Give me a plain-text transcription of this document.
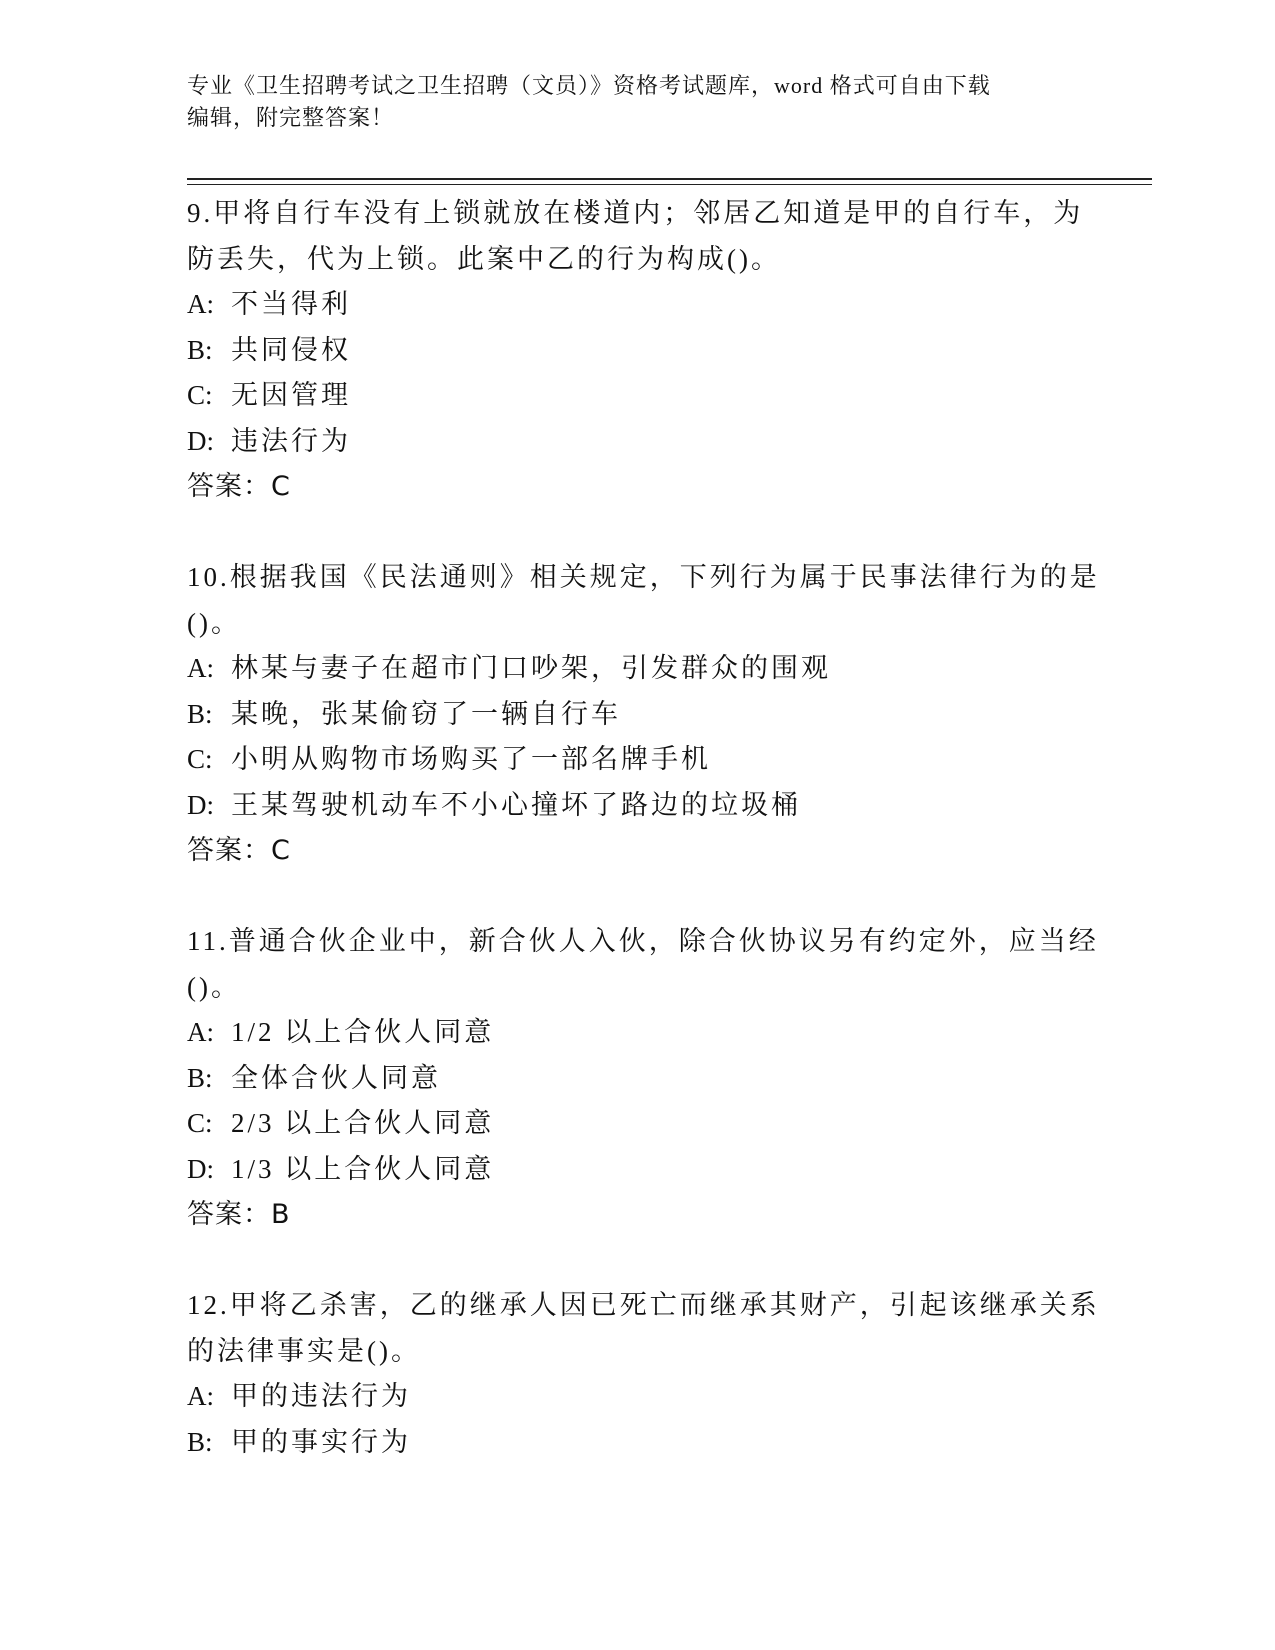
专业《卫生招聘考试之卫生招聘（文员）》资格考试题库，word 格式可自由下载
编辑，附完整答案！
9.甲将自行车没有上锁就放在楼道内；邻居乙知道是甲的自行车，为
防丢失，代为上锁。此案中乙的行为构成()。
A: 不当得利
B: 共同侵权
C: 无因管理
D: 违法行为
答案：C
10.根据我国《民法通则》相关规定，下列行为属于民事法律行为的是
()。
A: 林某与妻子在超市门口吵架，引发群众的围观
B: 某晚，张某偷窃了一辆自行车
C: 小明从购物市场购买了一部名牌手机
D: 王某驾驶机动车不小心撞坏了路边的垃圾桶
答案：C
11.普通合伙企业中，新合伙人入伙，除合伙协议另有约定外，应当经
()。
A: 1/2 以上合伙人同意
B: 全体合伙人同意
C: 2/3 以上合伙人同意
D: 1/3 以上合伙人同意
答案：B
12.甲将乙杀害，乙的继承人因已死亡而继承其财产，引起该继承关系
的法律事实是()。
A: 甲的违法行为
B: 甲的事实行为
